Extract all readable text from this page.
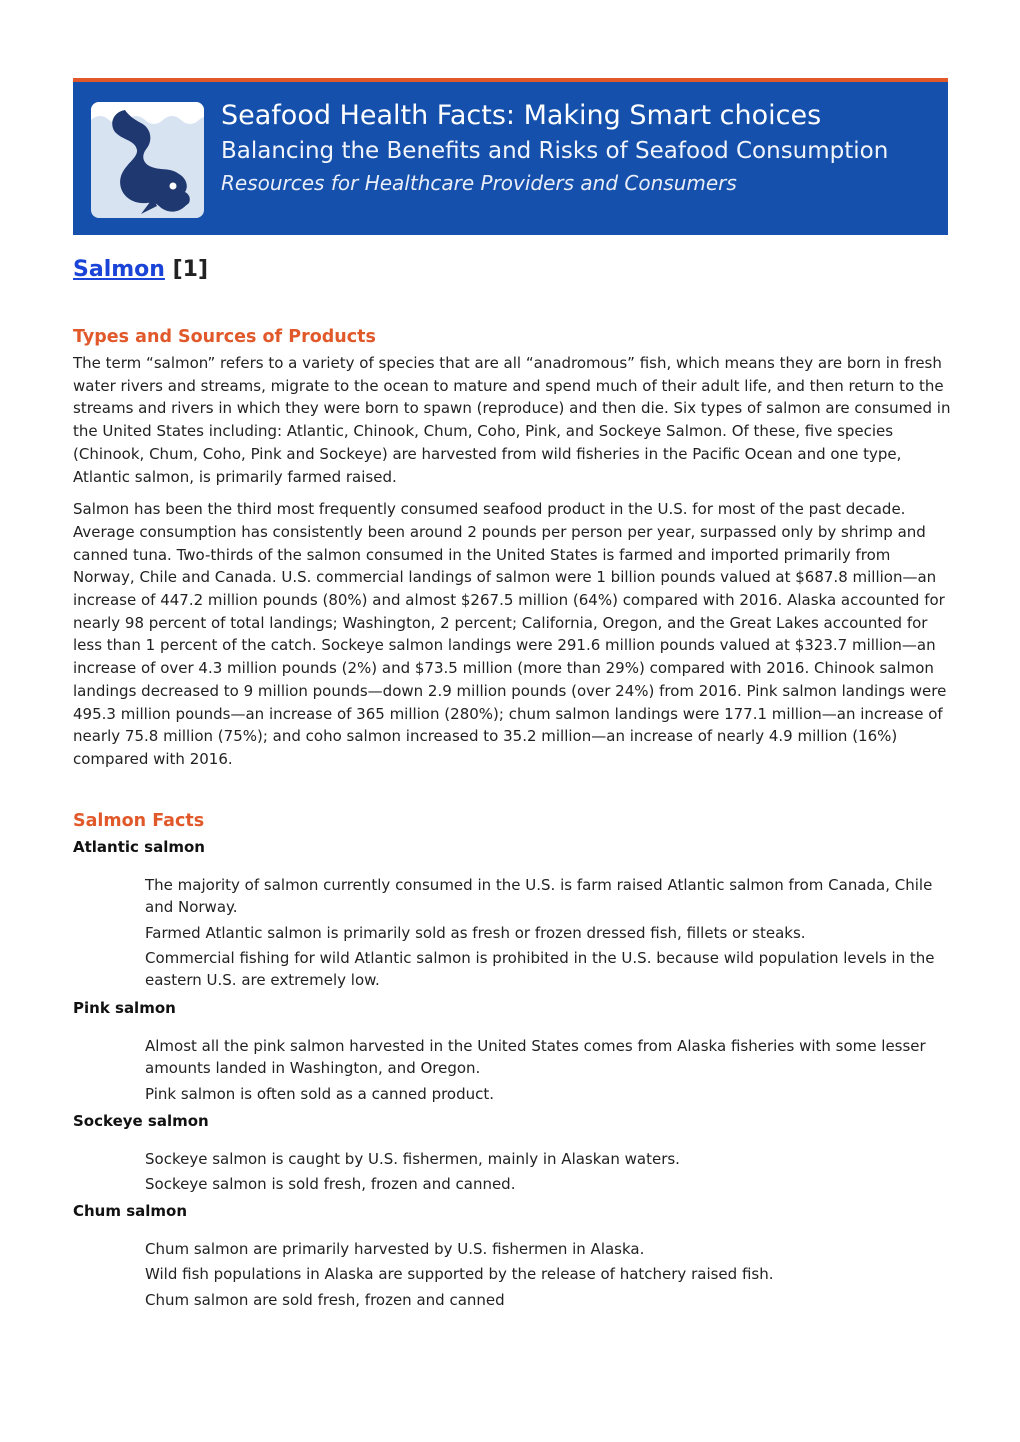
Seafood Health Facts: Making Smart choices
Balancing the Benefits and Risks of Seafood Consumption
Resources for Healthcare Providers and Consumers
Salmon [1]
Types and Sources of Products

The term “salmon” refers to a variety of species that are all “anadromous” fish, which means they are born in fresh water rivers and streams, migrate to the ocean to mature and spend much of their adult life, and then return to the streams and rivers in which they were born to spawn (reproduce) and then die. Six types of salmon are consumed in the United States including: Atlantic, Chinook, Chum, Coho, Pink, and Sockeye Salmon. Of these, five species (Chinook, Chum, Coho, Pink and Sockeye) are harvested from wild fisheries in the Pacific Ocean and one type, Atlantic salmon, is primarily farmed raised.

Salmon has been the third most frequently consumed seafood product in the U.S. for most of the past decade. Average consumption has consistently been around 2 pounds per person per year, surpassed only by shrimp and canned tuna. Two-thirds of the salmon consumed in the United States is farmed and imported primarily from Norway, Chile and Canada. U.S. commercial landings of salmon were 1 billion pounds valued at $687.8 million—an increase of 447.2 million pounds (80%) and almost $267.5 million (64%) compared with 2016. Alaska accounted for nearly 98 percent of total landings; Washington, 2 percent; California, Oregon, and the Great Lakes accounted for less than 1 percent of the catch. Sockeye salmon landings were 291.6 million pounds valued at $323.7 million—an increase of over 4.3 million pounds (2%) and $73.5 million (more than 29%) compared with 2016. Chinook salmon landings decreased to 9 million pounds—down 2.9 million pounds (over 24%) from 2016. Pink salmon landings were 495.3 million pounds—an increase of 365 million (280%); chum salmon landings were 177.1 million—an increase of nearly 75.8 million (75%); and coho salmon increased to 35.2 million—an increase of nearly 4.9 million (16%) compared with 2016.

Salmon Facts
Atlantic salmon
The majority of salmon currently consumed in the U.S. is farm raised Atlantic salmon from Canada, Chile and Norway.
Farmed Atlantic salmon is primarily sold as fresh or frozen dressed fish, fillets or steaks.
Commercial fishing for wild Atlantic salmon is prohibited in the U.S. because wild population levels in the eastern U.S. are extremely low.
Pink salmon
Almost all the pink salmon harvested in the United States comes from Alaska fisheries with some lesser amounts landed in Washington, and Oregon.
Pink salmon is often sold as a canned product.
Sockeye salmon
Sockeye salmon is caught by U.S. fishermen, mainly in Alaskan waters.
Sockeye salmon is sold fresh, frozen and canned.
Chum salmon
Chum salmon are primarily harvested by U.S. fishermen in Alaska.
Wild fish populations in Alaska are supported by the release of hatchery raised fish.
Chum salmon are sold fresh, frozen and canned
